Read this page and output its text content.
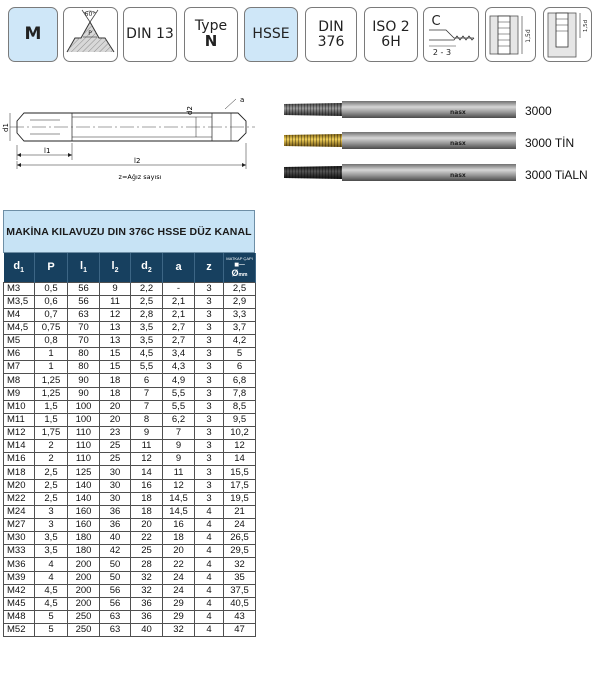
M
60°
P DIN 13 Type
N	HSSE DIN
376
ISO 2
6H
C
2 - 3
1,5d
1,5d
a
d1
d2
l1
l2
z=Ağız sayısı
nasx
nasx
nasx
3000
3000 TİN
3000 TiALN
MAKİNA KILAVUZU DIN 376C HSSE DÜZ KANAL
$d_1$	P	$l_1$	$l_2$	$d_2$	a	z	MATKAP ÇAPI
■─
Ømm

M3	0,5	56	9	2,2	-	3	2,5
M3,5	0,6	56	11	2,5	2,1	3	2,9
M4	0,7	63	12	2,8	2,1	3	3,3
M4,5	0,75	70	13	3,5	2,7	3	3,7
M5	0,8	70	13	3,5	2,7	3	4,2
M6	1	80	15	4,5	3,4	3	5
M7	1	80	15	5,5	4,3	3	6
M8	1,25	90	18	6	4,9	3	6,8
M9	1,25	90	18	7	5,5	3	7,8
M10	1,5	100	20	7	5,5	3	8,5
M11	1,5	100	20	8	6,2	3	9,5
M12	1,75	110	23	9	7	3	10,2
M14	2	110	25	11	9	3	12
M16	2	110	25	12	9	3	14
M18	2,5	125	30	14	11	3	15,5
M20	2,5	140	30	16	12	3	17,5
M22	2,5	140	30	18	14,5	3	19,5
M24	3	160	36	18	14,5	4	21
M27	3	160	36	20	16	4	24
M30	3,5	180	40	22	18	4	26,5
M33	3,5	180	42	25	20	4	29,5
M36	4	200	50	28	22	4	32
M39	4	200	50	32	24	4	35
M42	4,5	200	56	32	24	4	37,5
M45	4,5	200	56	36	29	4	40,5
M48	5	250	63	36	29	4	43
M52	5	250	63	40	32	4	47
